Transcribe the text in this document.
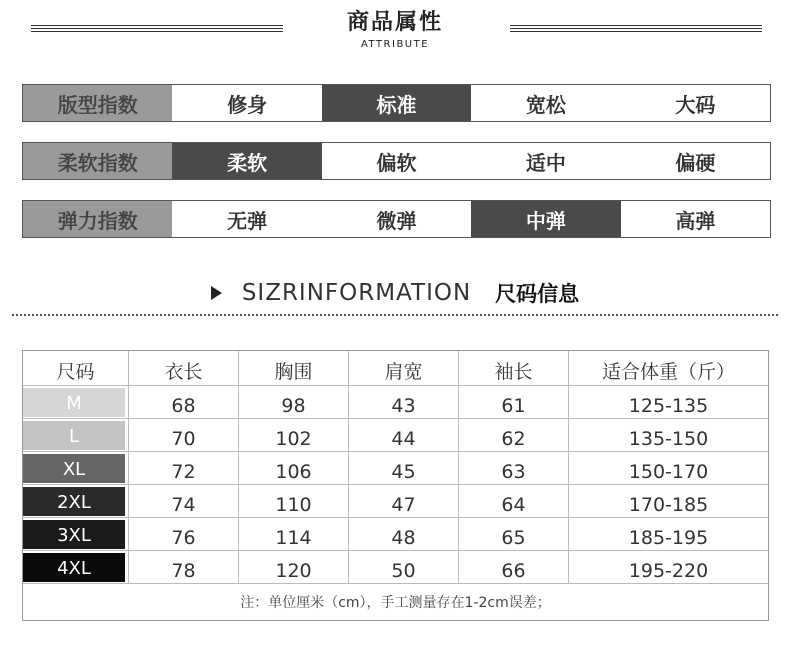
商品属性
ATTRIBUTE
版型指数	修身	标准	宽松	大码
柔软指数	柔软	偏软	适中	偏硬
弹力指数	无弹	微弹	中弹	高弹
SIZRINFORMATION 尺码信息
尺码	衣长	胸围	肩宽	袖长	适合体重（斤）
M	68	98	43	61	125-135
L	70	102	44	62	135-150
XL	72	106	45	63	150-170
2XL	74	110	47	64	170-185
3XL	76	114	48	65	185-195
4XL	78	120	50	66	195-220
注：单位厘米（cm），手工测量存在1-2cm误差；
